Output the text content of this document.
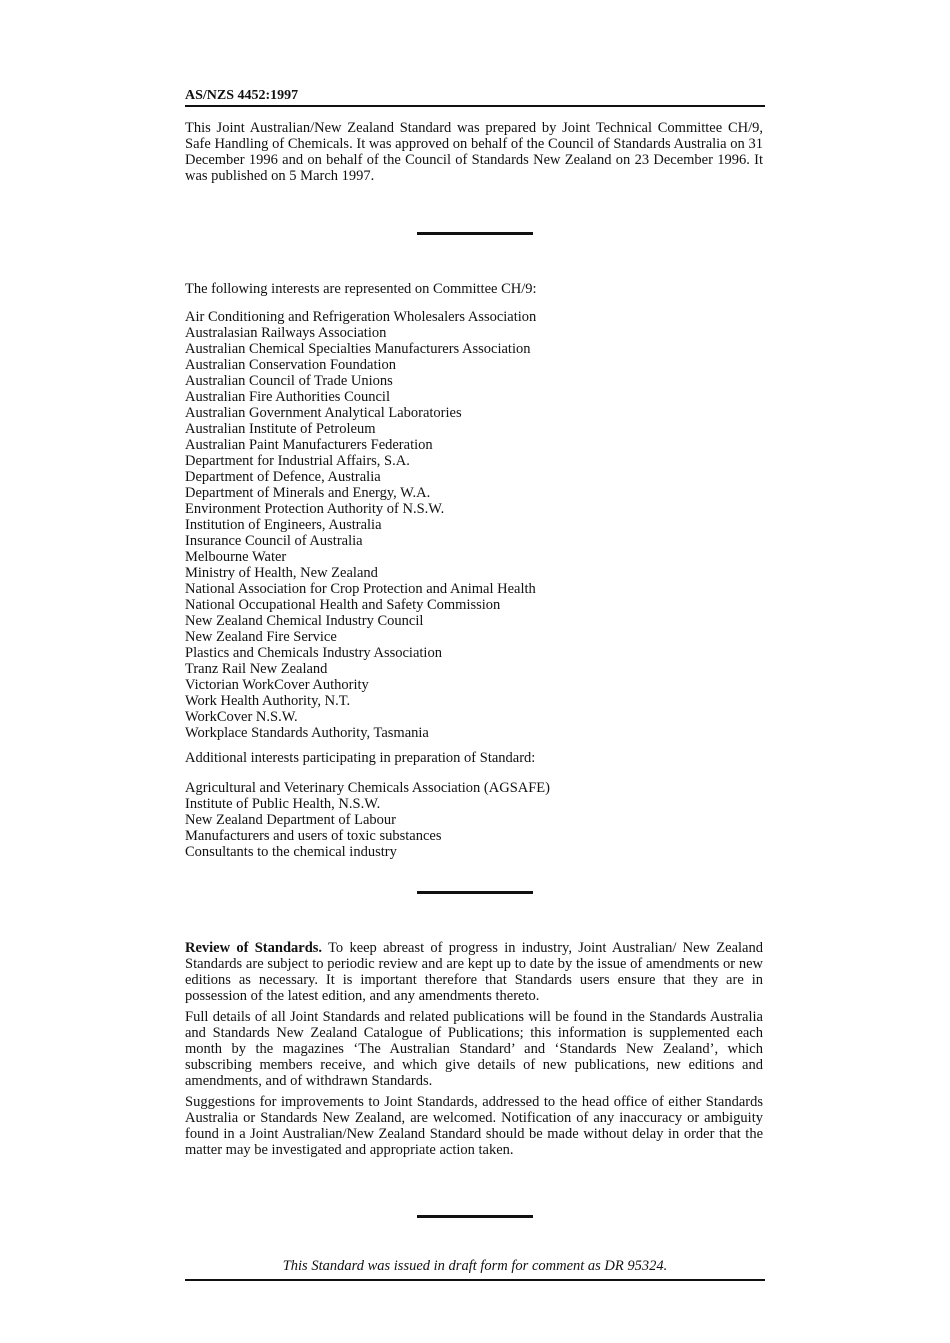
AS/NZS 4452:1997

This Joint Australian/New Zealand Standard was prepared by Joint Technical Committee CH/9, Safe Handling of Chemicals. It was approved on behalf of the Council of Standards Australia on 31 December 1996 and on behalf of the Council of Standards New Zealand on 23 December 1996. It was published on 5 March 1997.

The following interests are represented on Committee CH/9:

Air Conditioning and Refrigeration Wholesalers Association
Australasian Railways Association
Australian Chemical Specialties Manufacturers Association
Australian Conservation Foundation
Australian Council of Trade Unions
Australian Fire Authorities Council
Australian Government Analytical Laboratories
Australian Institute of Petroleum
Australian Paint Manufacturers Federation
Department for Industrial Affairs, S.A.
Department of Defence, Australia
Department of Minerals and Energy, W.A.
Environment Protection Authority of N.S.W.
Institution of Engineers, Australia
Insurance Council of Australia
Melbourne Water
Ministry of Health, New Zealand
National Association for Crop Protection and Animal Health
National Occupational Health and Safety Commission
New Zealand Chemical Industry Council
New Zealand Fire Service
Plastics and Chemicals Industry Association
Tranz Rail New Zealand
Victorian WorkCover Authority
Work Health Authority, N.T.
WorkCover N.S.W.
Workplace Standards Authority, Tasmania

Additional interests participating in preparation of Standard:

Agricultural and Veterinary Chemicals Association (AGSAFE)
Institute of Public Health, N.S.W.
New Zealand Department of Labour
Manufacturers and users of toxic substances
Consultants to the chemical industry

Review of Standards. To keep abreast of progress in industry, Joint Australian/ New Zealand Standards are subject to periodic review and are kept up to date by the issue of amendments or new editions as necessary. It is important therefore that Standards users ensure that they are in possession of the latest edition, and any amendments thereto.

Full details of all Joint Standards and related publications will be found in the Standards Australia and Standards New Zealand Catalogue of Publications; this information is supplemented each month by the magazines ‘The Australian Standard’ and ‘Standards New Zealand’, which subscribing members receive, and which give details of new publications, new editions and amendments, and of withdrawn Standards.

Suggestions for improvements to Joint Standards, addressed to the head office of either Standards Australia or Standards New Zealand, are welcomed. Notification of any inaccuracy or ambiguity found in a Joint Australian/New Zealand Standard should be made without delay in order that the matter may be investigated and appropriate action taken.

This Standard was issued in draft form for comment as DR 95324.
